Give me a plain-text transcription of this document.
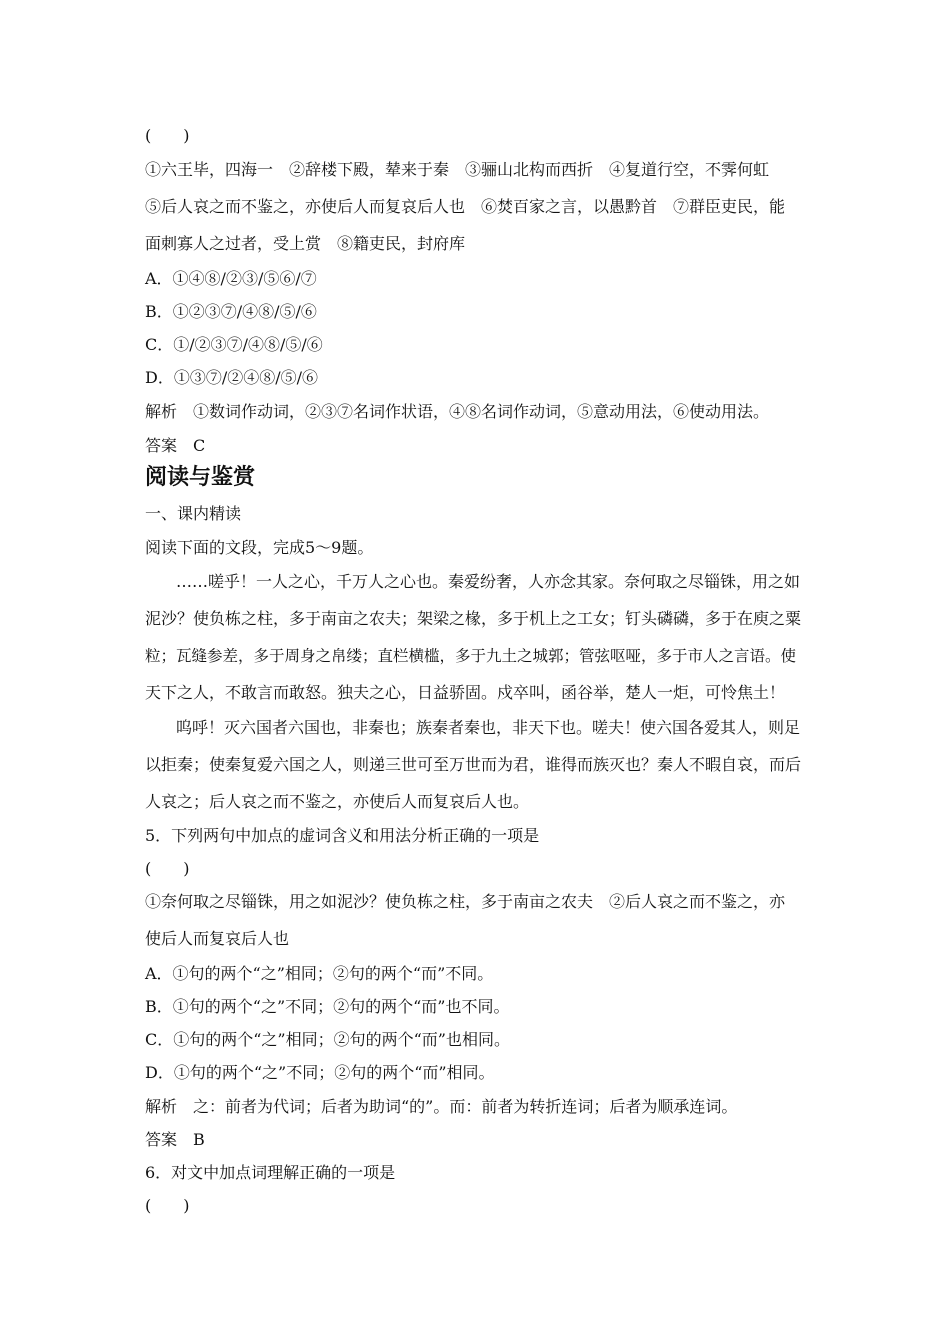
(　　)
①六王毕，四海一　②辞楼下殿，辇来于秦　③骊山北构而西折　④复道行空，不霁何虹
⑤后人哀之而不鉴之，亦使后人而复哀后人也　⑥焚百家之言，以愚黔首　⑦群臣吏民，能
面刺寡人之过者，受上赏　⑧籍吏民，封府库
A．①④⑧/②③/⑤⑥/⑦
B．①②③⑦/④⑧/⑤/⑥
C．①/②③⑦/④⑧/⑤/⑥
D．①③⑦/②④⑧/⑤/⑥
解析　①数词作动词，②③⑦名词作状语，④⑧名词作动词，⑤意动用法，⑥使动用法。
答案　C
阅读与鉴赏
一、课内精读
阅读下面的文段，完成5～9题。
……嗟乎！一人之心，千万人之心也。秦爱纷奢，人亦念其家。奈何取之尽锱铢，用之如
泥沙？使负栋之柱，多于南亩之农夫；架梁之椽，多于机上之工女；钉头磷磷，多于在庾之粟
粒；瓦缝参差，多于周身之帛缕；直栏横槛，多于九土之城郭；管弦呕哑，多于市人之言语。使
天下之人，不敢言而敢怒。独夫之心，日益骄固。戍卒叫，函谷举，楚人一炬，可怜焦土！
呜呼！灭六国者六国也，非秦也；族秦者秦也，非天下也。嗟夫！使六国各爱其人，则足
以拒秦；使秦复爱六国之人，则递三世可至万世而为君，谁得而族灭也？秦人不暇自哀，而后
人哀之；后人哀之而不鉴之，亦使后人而复哀后人也。
5．下列两句中加点的虚词含义和用法分析正确的一项是
(　　)
①奈何取之尽锱铢，用之如泥沙？使负栋之柱，多于南亩之农夫　②后人哀之而不鉴之，亦
使后人而复哀后人也
A．①句的两个“之”相同；②句的两个“而”不同。
B．①句的两个“之”不同；②句的两个“而”也不同。
C．①句的两个“之”相同；②句的两个“而”也相同。
D．①句的两个“之”不同；②句的两个“而”相同。
解析　之：前者为代词；后者为助词“的”。而：前者为转折连词；后者为顺承连词。
答案　B
6．对文中加点词理解正确的一项是
(　　)
